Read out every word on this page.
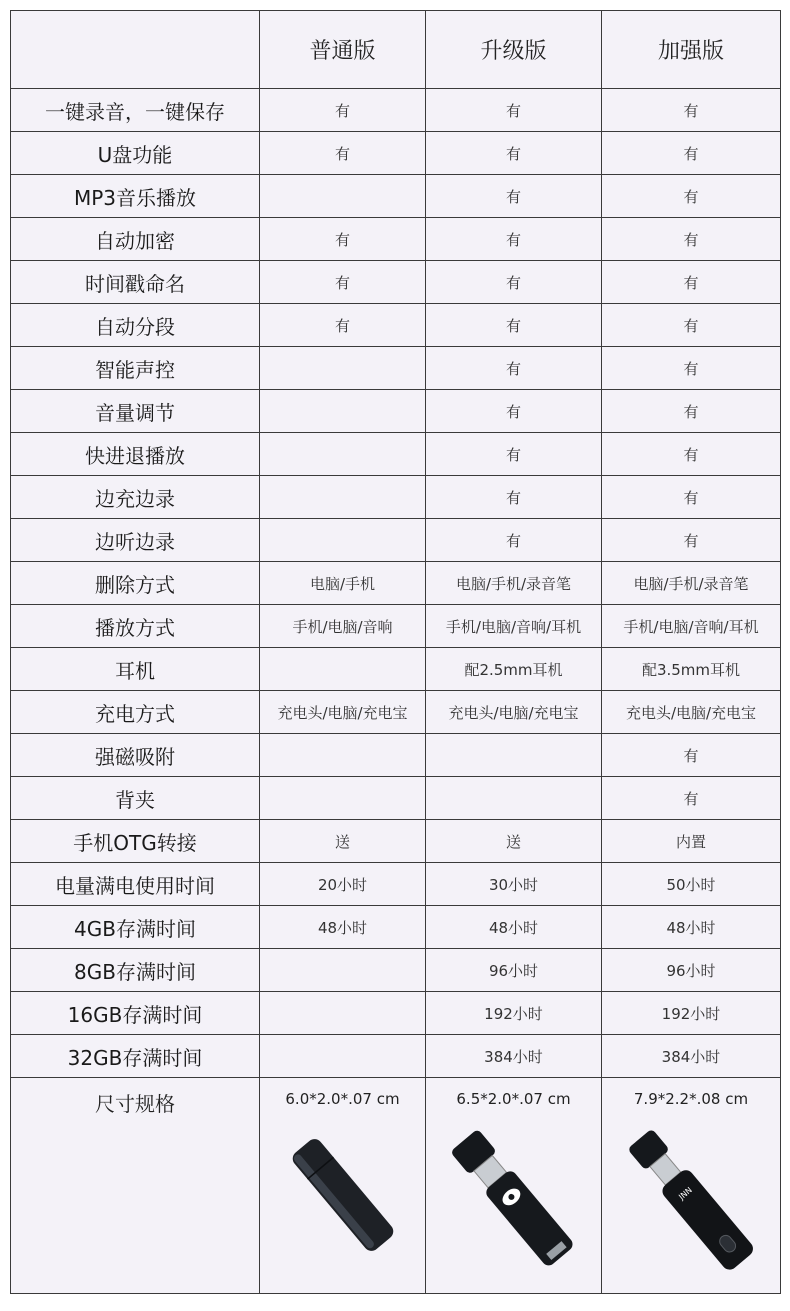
	普通版	升级版	加强版
一键录音，一键保存	有	有	有
U盘功能	有	有	有
MP3音乐播放		有	有
自动加密	有	有	有
时间戳命名	有	有	有
自动分段	有	有	有
智能声控		有	有
音量调节		有	有
快进退播放		有	有
边充边录		有	有
边听边录		有	有
删除方式	电脑/手机	电脑/手机/录音笔	电脑/手机/录音笔
播放方式	手机/电脑/音响	手机/电脑/音响/耳机	手机/电脑/音响/耳机
耳机		配2.5mm耳机	配3.5mm耳机
充电方式	充电头/电脑/充电宝	充电头/电脑/充电宝	充电头/电脑/充电宝
强磁吸附			有
背夹			有
手机OTG转接	送	送	内置
电量满电使用时间	20小时	30小时	50小时
4GB存满时间	48小时	48小时	48小时
8GB存满时间		96小时	96小时
16GB存满时间		192小时	192小时
32GB存满时间		384小时	384小时
尺寸规格	6.0*2.0*.07 cm	6.5*2.0*.07 cm	7.9*2.2*.08 cm
JNN
